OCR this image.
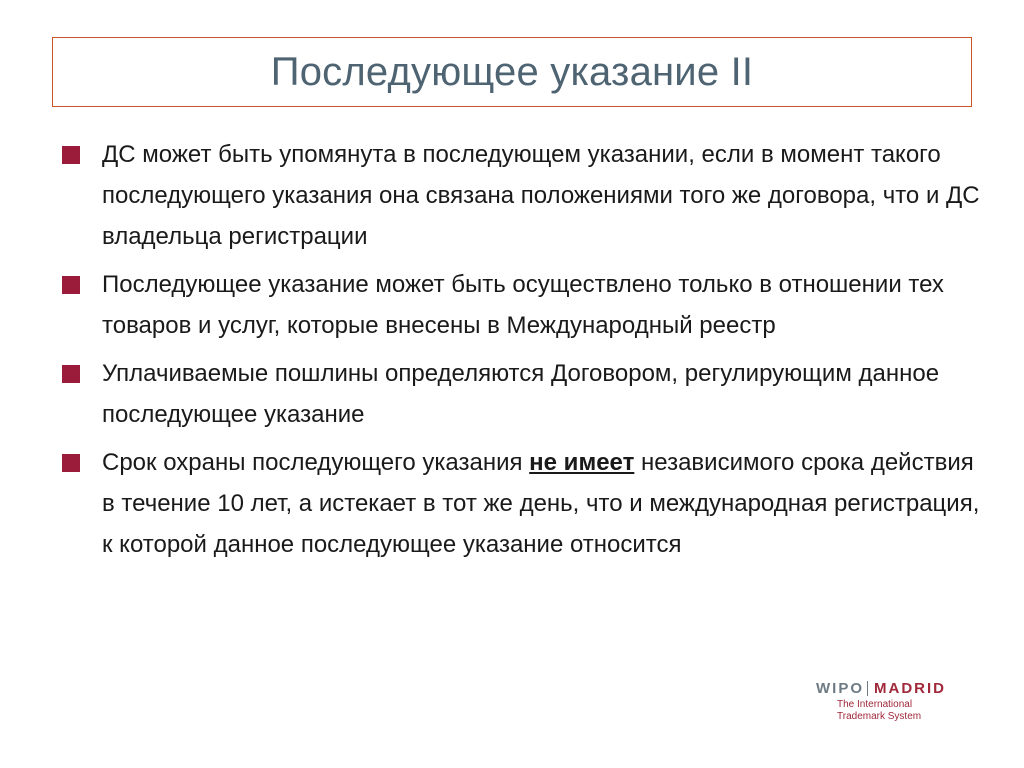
Последующее указание II
ДС может быть упомянута в последующем указании, если в момент такого последующего указания она связана положениями того же договора, что и ДС владельца регистрации
Последующее указание может быть осуществлено только в отношении тех товаров и услуг, которые внесены в Международный реестр
Уплачиваемые пошлины определяются Договором, регулирующим данное последующее указание
Срок охраны последующего указания не имеет независимого срока действия в течение 10 лет, а истекает в тот же день, что и международная регистрация, к которой данное последующее указание относится
WIPO MADRID
The International
Trademark System
